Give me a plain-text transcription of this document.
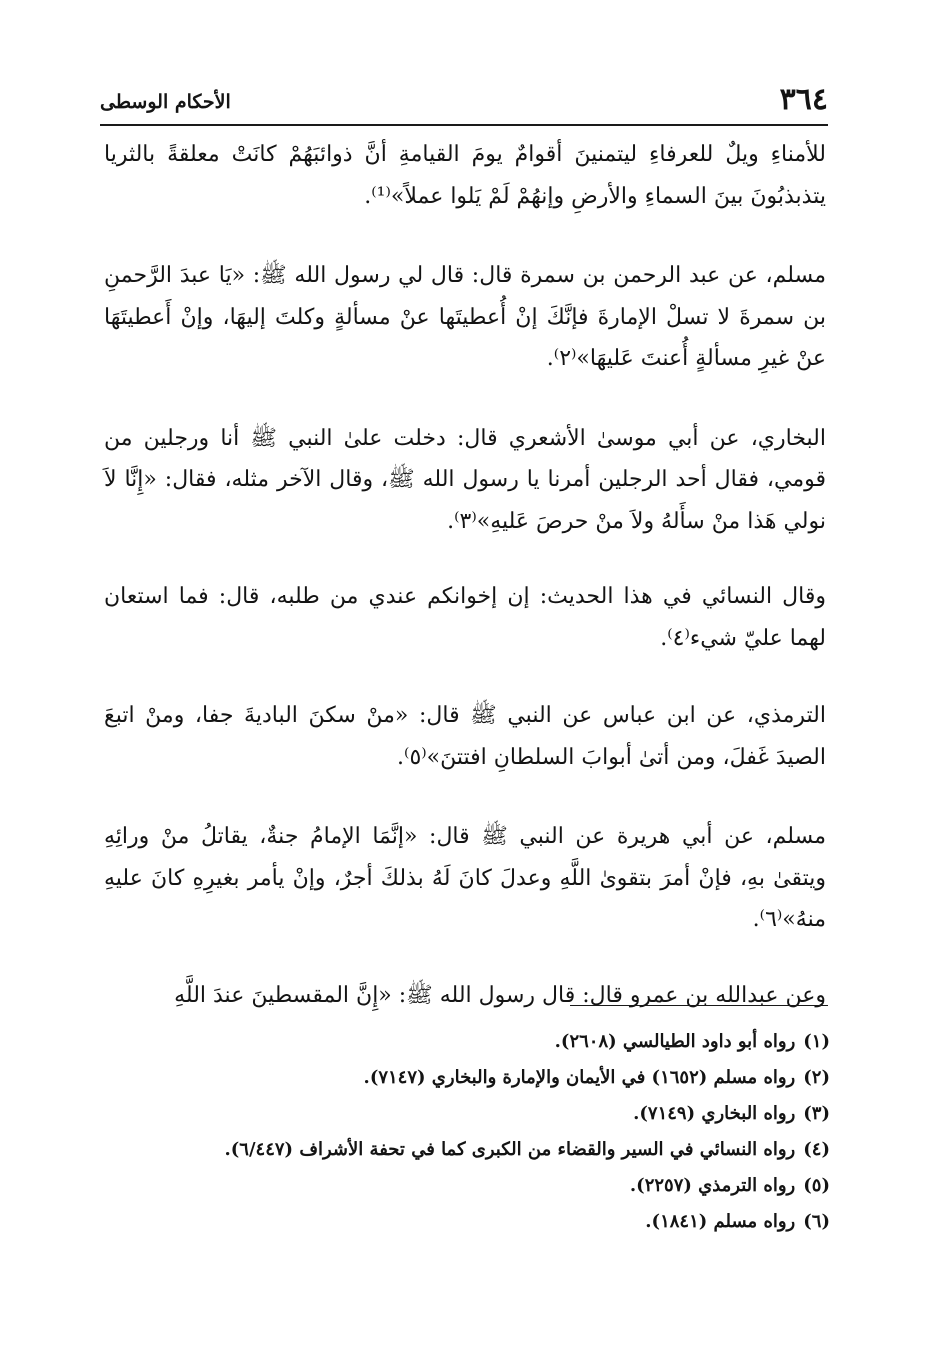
٣٦٤
الأحكام الوسطى

للأمناءِ ويلٌ للعرفاءِ ليتمنينَ أقوامٌ يومَ القيامةِ أنَّ ذوائبَهُمْ كانَتْ معلقةً بالثريا يتذبذبُونَ بينَ السماءِ والأرضِ وإنهُمْ لَمْ يَلوا عملاً»⁽¹⁾.

مسلم، عن عبد الرحمن بن سمرة قال: قال لي رسول الله ﷺ: «يَا عبدَ الرَّحمنِ بن سمرةَ لا تسلْ الإمارةَ فإنَّكَ إنْ أُعطيتَها عنْ مسألةٍ وكلتَ إليهَا، وإنْ أَعطيتَهَا عنْ غيرِ مسألةٍ أُعنتَ عَليهَا»⁽٢⁾.

البخاري، عن أبي موسىٰ الأشعري قال: دخلت علىٰ النبي ﷺ أنا ورجلين من قومي، فقال أحد الرجلين أمرنا يا رسول الله ﷺ، وقال الآخر مثله، فقال: «إِنَّا لاَ نولي هَذا منْ سأَلهُ ولاَ منْ حرصَ عَليهِ»⁽٣⁾.

وقال النسائي في هذا الحديث: إن إخوانكم عندي من طلبه، قال: فما استعان لهما عليّ شيء⁽٤⁾.

الترمذي، عن ابن عباس عن النبي ﷺ قال: «منْ سكنَ الباديةَ جفا، ومنْ اتبعَ الصيدَ غَفلَ، ومن أتىٰ أبوابَ السلطانِ افتتنَ»⁽٥⁾.

مسلم، عن أبي هريرة عن النبي ﷺ قال: «إنَّمَا الإمامُ جنةٌ، يقاتلُ منْ ورائِهِ ويتقىٰ بهِ، فإنْ أمرَ بتقوىٰ اللَّهِ وعدلَ كانَ لَهُ بذلكَ أجرٌ، وإنْ يأمر بغيرِهِ كانَ عليهِ منهُ»⁽٦⁾.

وعن عبدالله بن عمرو قال: قال رسول الله ﷺ: «إِنَّ المقسطينَ عندَ اللَّهِ

(١)رواه أبو داود الطيالسي (٢٦٠٨).
(٢)رواه مسلم (١٦٥٢) في الأيمان والإمارة والبخاري (٧١٤٧).
(٣)رواه البخاري (٧١٤٩).
(٤)رواه النسائي في السير والقضاء من الكبرى كما في تحفة الأشراف (٦/٤٤٧).
(٥)رواه الترمذي (٢٢٥٧).
(٦)رواه مسلم (١٨٤١).
